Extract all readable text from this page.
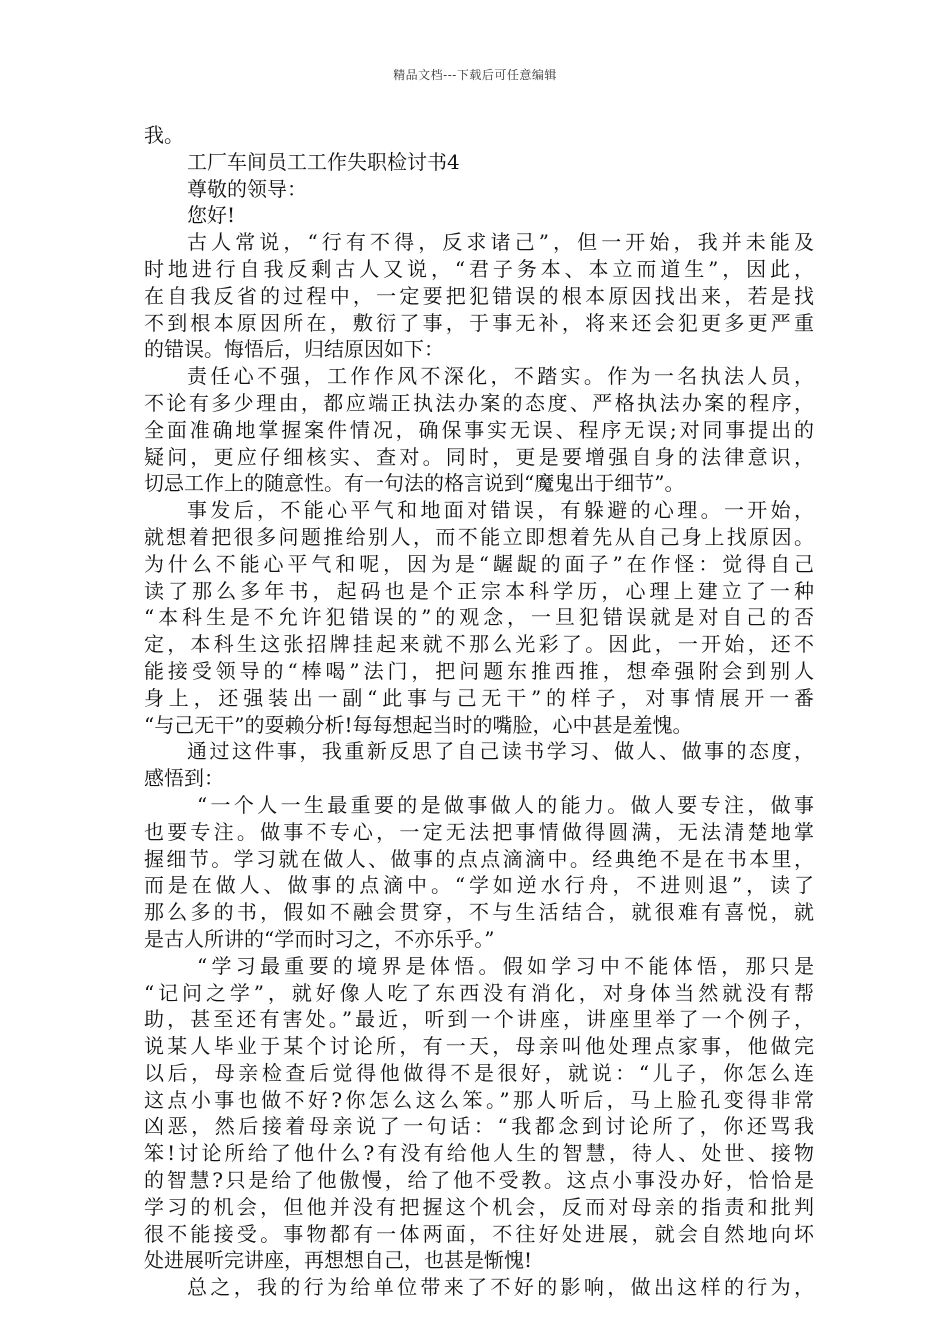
精品文档---下载后可任意编辑
我。
工厂车间员工工作失职检讨书4
尊敬的领导：
您好!
古人常说，“行有不得，反求诸己”，但一开始，我并未能及
时地进行自我反剩古人又说，“君子务本、本立而道生”，因此，
在自我反省的过程中，一定要把犯错误的根本原因找出来，若是找
不到根本原因所在，敷衍了事，于事无补，将来还会犯更多更严重
的错误。悔悟后，归结原因如下：
责任心不强，工作作风不深化，不踏实。作为一名执法人员，
不论有多少理由，都应端正执法办案的态度、严格执法办案的程序，
全面准确地掌握案件情况，确保事实无误、程序无误;对同事提出的
疑问，更应仔细核实、查对。同时，更是要增强自身的法律意识，
切忌工作上的随意性。有一句法的格言说到“魔鬼出于细节”。
事发后，不能心平气和地面对错误，有躲避的心理。一开始，
就想着把很多问题推给别人，而不能立即想着先从自己身上找原因。
为什么不能心平气和呢，因为是“龌龊的面子”在作怪：觉得自己
读了那么多年书，起码也是个正宗本科学历，心理上建立了一种
“本科生是不允许犯错误的”的观念，一旦犯错误就是对自己的否
定，本科生这张招牌挂起来就不那么光彩了。因此，一开始，还不
能接受领导的“棒喝”法门，把问题东推西推，想牵强附会到别人
身上，还强装出一副“此事与己无干”的样子，对事情展开一番
“与己无干”的耍赖分析!每每想起当时的嘴脸，心中甚是羞愧。
通过这件事，我重新反思了自己读书学习、做人、做事的态度，
感悟到：
“一个人一生最重要的是做事做人的能力。做人要专注，做事
也要专注。做事不专心，一定无法把事情做得圆满，无法清楚地掌
握细节。学习就在做人、做事的点点滴滴中。经典绝不是在书本里，
而是在做人、做事的点滴中。“学如逆水行舟，不进则退”，读了
那么多的书，假如不融会贯穿，不与生活结合，就很难有喜悦，就
是古人所讲的“学而时习之，不亦乐乎。”
“学习最重要的境界是体悟。假如学习中不能体悟，那只是
“记问之学”，就好像人吃了东西没有消化，对身体当然就没有帮
助，甚至还有害处。”最近，听到一个讲座，讲座里举了一个例子，
说某人毕业于某个讨论所，有一天，母亲叫他处理点家事，他做完
以后，母亲检查后觉得他做得不是很好，就说：“儿子，你怎么连
这点小事也做不好?你怎么这么笨。”那人听后，马上脸孔变得非常
凶恶，然后接着母亲说了一句话：“我都念到讨论所了，你还骂我
笨!讨论所给了他什么?有没有给他人生的智慧，待人、处世、接物
的智慧?只是给了他傲慢，给了他不受教。这点小事没办好，恰恰是
学习的机会，但他并没有把握这个机会，反而对母亲的指责和批判
很不能接受。事物都有一体两面，不往好处进展，就会自然地向坏
处进展听完讲座，再想想自己，也甚是惭愧!
总之，我的行为给单位带来了不好的影响，做出这样的行为，
